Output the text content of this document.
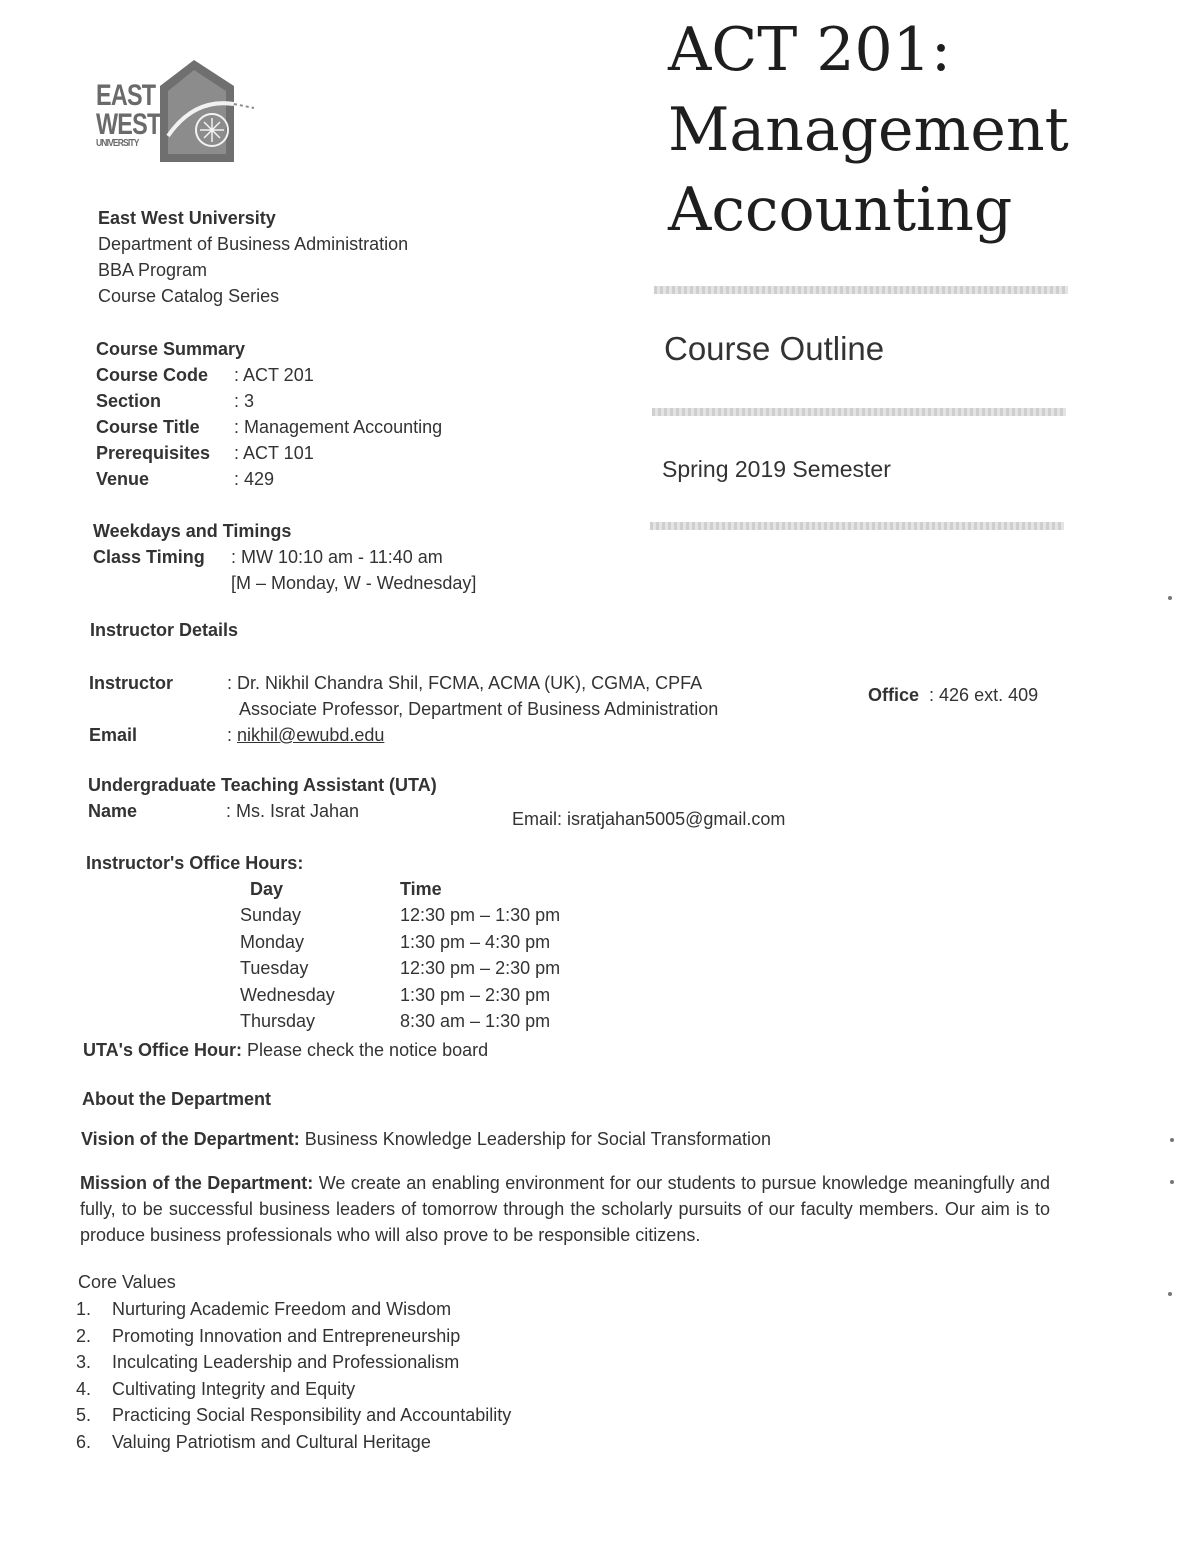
EAST
WEST
UNIVERSITY
ACT 201:
Management
Accounting
Course Outline
Spring 2019 Semester
East West University
Department of Business Administration
BBA Program
Course Catalog Series
Course Summary
Course Code : ACT 201
Section	: 3
Course Title : Management Accounting
Prerequisites : ACT 101
Venue	: 429
Weekdays and Timings
Class Timing : MW 10:10 am - 11:40 am
[M – Monday, W - Wednesday]
Instructor Details
Instructor	: Dr. Nikhil Chandra Shil, FCMA, ACMA (UK), CGMA, CPFA
Associate Professor, Department of Business Administration
Email	: nikhil@ewubd.edu
Office : 426 ext. 409
Undergraduate Teaching Assistant (UTA)
Name	: Ms. Israt Jahan	Email: isratjahan5005@gmail.com
Instructor's Office Hours:
Day	Time
Sunday	12:30 pm – 1:30 pm
Monday	1:30 pm – 4:30 pm
Tuesday	12:30 pm – 2:30 pm
Wednesday	1:30 pm – 2:30 pm
Thursday	8:30 am – 1:30 pm
UTA's Office Hour: Please check the notice board
About the Department
Vision of the Department: Business Knowledge Leadership for Social Transformation
Mission of the Department: We create an enabling environment for our students to pursue knowledge meaningfully and fully, to be successful business leaders of tomorrow through the scholarly pursuits of our faculty members. Our aim is to produce business professionals who will also prove to be responsible citizens.
Core Values
1. Nurturing Academic Freedom and Wisdom
2. Promoting Innovation and Entrepreneurship
3. Inculcating Leadership and Professionalism
4. Cultivating Integrity and Equity
5. Practicing Social Responsibility and Accountability
6. Valuing Patriotism and Cultural Heritage
